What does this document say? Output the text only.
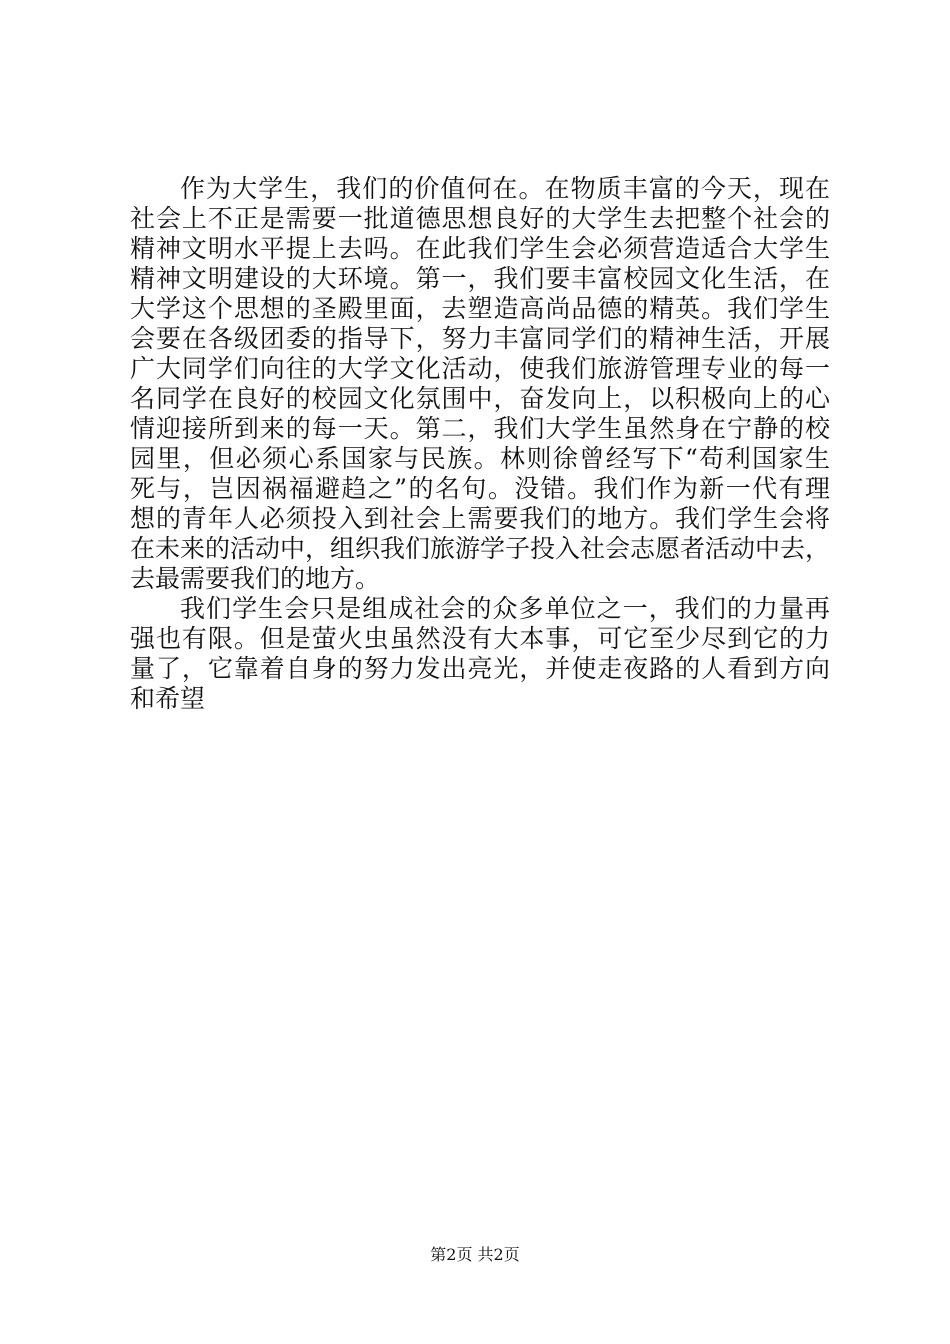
作为大学生，我们的价值何在。在物质丰富的今天，现在
社会上不正是需要一批道德思想良好的大学生去把整个社会的
精神文明水平提上去吗。在此我们学生会必须营造适合大学生
精神文明建设的大环境。第一，我们要丰富校园文化生活，在
大学这个思想的圣殿里面，去塑造高尚品德的精英。我们学生
会要在各级团委的指导下，努力丰富同学们的精神生活，开展
广大同学们向往的大学文化活动，使我们旅游管理专业的每一
名同学在良好的校园文化氛围中，奋发向上，以积极向上的心
情迎接所到来的每一天。第二，我们大学生虽然身在宁静的校
园里，但必须心系国家与民族。林则徐曾经写下“苟利国家生
死与，岂因祸福避趋之”的名句。没错。我们作为新一代有理
想的青年人必须投入到社会上需要我们的地方。我们学生会将
在未来的活动中，组织我们旅游学子投入社会志愿者活动中去，
去最需要我们的地方。
我们学生会只是组成社会的众多单位之一，我们的力量再
强也有限。但是萤火虫虽然没有大本事，可它至少尽到它的力
量了，它靠着自身的努力发出亮光，并使走夜路的人看到方向
和希望
第2页 共2页
